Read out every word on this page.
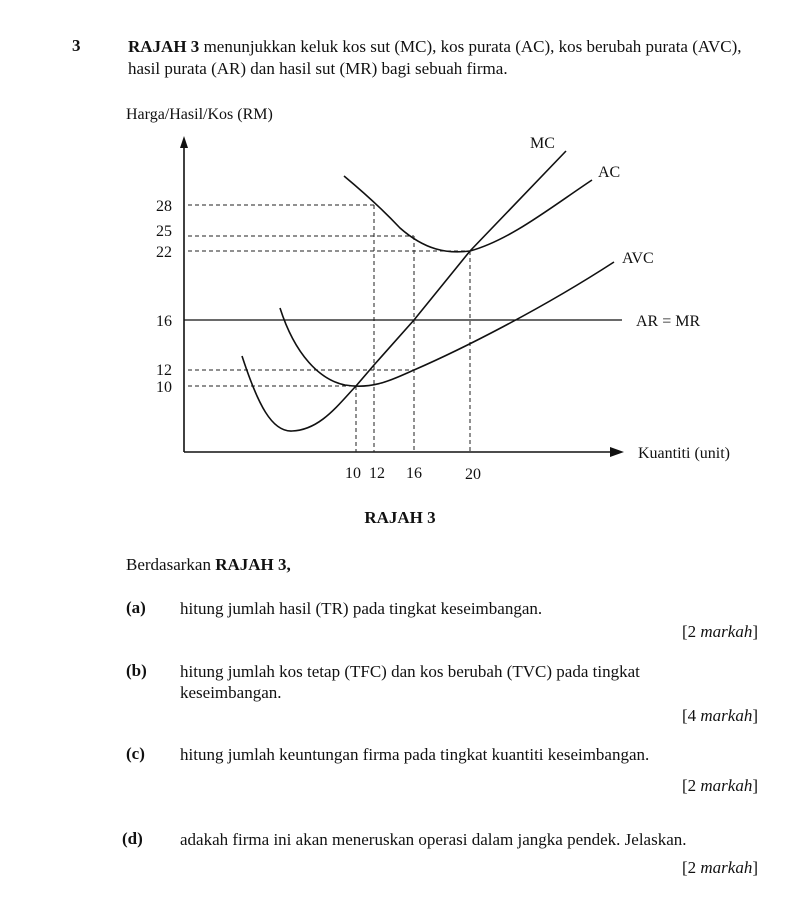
3	RAJAH 3 menunjukkan keluk kos sut (MC), kos purata (AC), kos berubah purata (AVC), hasil purata (AR) dan hasil sut (MR) bagi sebuah firma.
Harga/Hasil/Kos (RM)
MC
AC
AVC
AR = MR
28
25
22
16
12
10
10 12 16	20
Kuantiti (unit)
RAJAH 3
Berdasarkan RAJAH 3,
(a) hitung jumlah hasil (TR) pada tingkat keseimbangan.
[2 markah]
(b) hitung jumlah kos tetap (TFC) dan kos berubah (TVC) pada tingkat keseimbangan.
[4 markah]
(c) hitung jumlah keuntungan firma pada tingkat kuantiti keseimbangan.
[2 markah]
(d) adakah firma ini akan meneruskan operasi dalam jangka pendek. Jelaskan.
[2 markah]
